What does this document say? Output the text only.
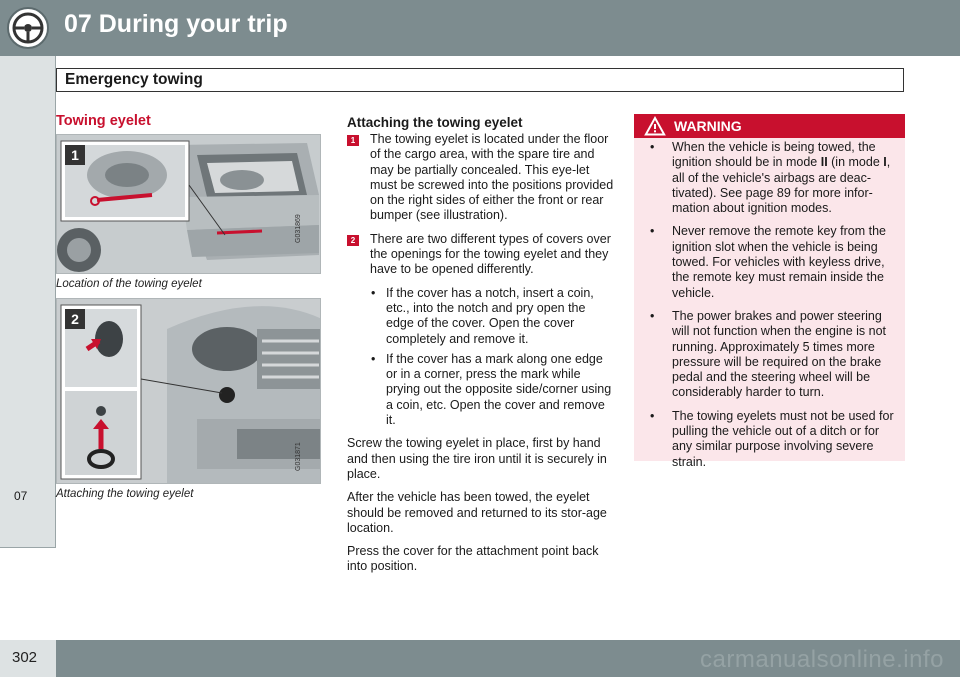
07 During your trip
Emergency towing
07
Towing eyelet
1
G031869
Location of the towing eyelet
2
G031871
Attaching the towing eyelet
Attaching the towing eyelet
1	The towing eyelet is located under the floor of the cargo area, with the spare tire and may be partially concealed. This eye-let must be screwed into the positions provided on the right sides of either the front or rear bumper (see illustration).
2	There are two different types of covers over the openings for the towing eyelet and they have to be opened differently.
• If the cover has a notch, insert a coin, etc., into the notch and pry open the edge of the cover. Open the cover completely and remove it.
• If the cover has a mark along one edge or in a corner, press the mark while prying out the opposite side/corner using a coin, etc. Open the cover and remove it.

Screw the towing eyelet in place, first by hand and then using the tire iron until it is securely in place.

After the vehicle has been towed, the eyelet should be removed and returned to its stor-age location.

Press the cover for the attachment point back into position.

WARNING
• When the vehicle is being towed, the ignition should be in mode II (in mode I, all of the vehicle's airbags are deac-tivated). See page 89 for more infor-mation about ignition modes.
• Never remove the remote key from the ignition slot when the vehicle is being towed. For vehicles with keyless drive, the remote key must remain inside the vehicle.
• The power brakes and power steering will not function when the engine is not running. Approximately 5 times more pressure will be required on the brake pedal and the steering wheel will be considerably harder to turn.
• The towing eyelets must not be used for pulling the vehicle out of a ditch or for any similar purpose involving severe strain.
302	carmanualsonline.info
